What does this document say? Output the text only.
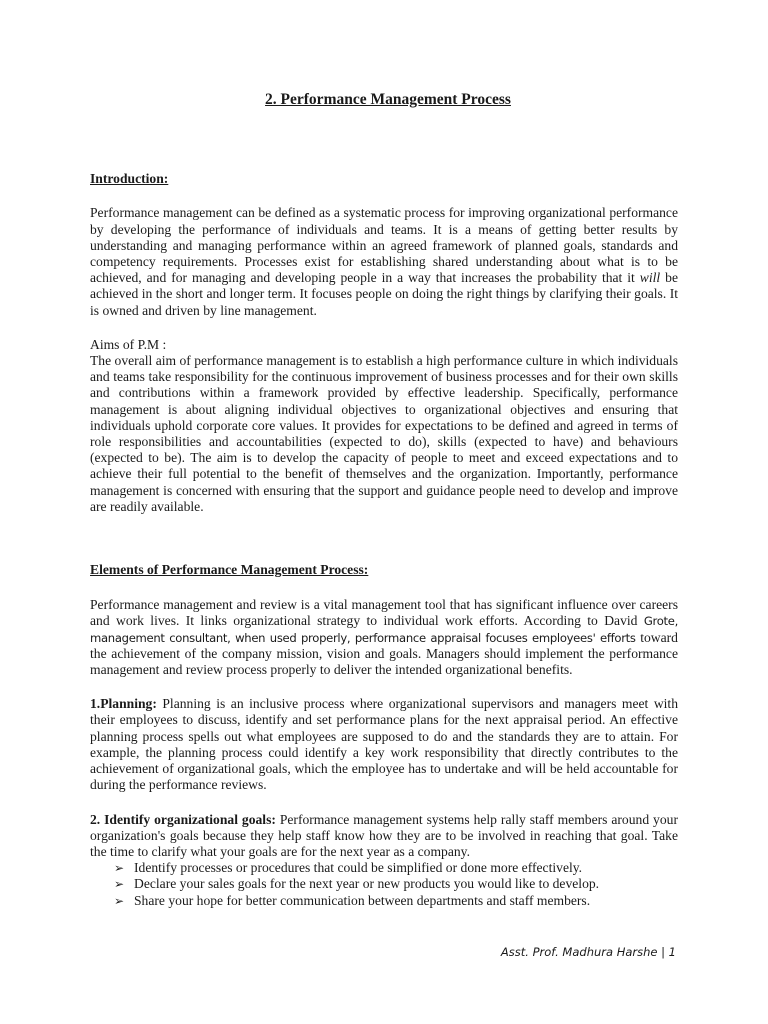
2. Performance Management Process
Introduction:

Performance management can be defined as a systematic process for improving organizational performance by developing the performance of individuals and teams. It is a means of getting better results by understanding and managing performance within an agreed framework of planned goals, standards and competency requirements. Processes exist for establishing shared understanding about what is to be achieved, and for managing and developing people in a way that increases the probability that it will be achieved in the short and longer term. It focuses people on doing the right things by clarifying their goals. It is owned and driven by line management.

Aims of P.M :

The overall aim of performance management is to establish a high performance culture in which individuals and teams take responsibility for the continuous improvement of business processes and for their own skills and contributions within a framework provided by effective leadership. Specifically, performance management is about aligning individual objectives to organizational objectives and ensuring that individuals uphold corporate core values. It provides for expectations to be defined and agreed in terms of role responsibilities and accountabilities (expected to do), skills (expected to have) and behaviours (expected to be). The aim is to develop the capacity of people to meet and exceed expectations and to achieve their full potential to the benefit of themselves and the organization. Importantly, performance management is concerned with ensuring that the support and guidance people need to develop and improve are readily available.

Elements of Performance Management Process:

Performance management and review is a vital management tool that has significant influence over careers and work lives. It links organizational strategy to individual work efforts. According to David Grote, management consultant, when used properly, performance appraisal focuses employees' efforts toward the achievement of the company mission, vision and goals. Managers should implement the performance management and review process properly to deliver the intended organizational benefits.

1.Planning: Planning is an inclusive process where organizational supervisors and managers meet with their employees to discuss, identify and set performance plans for the next appraisal period. An effective planning process spells out what employees are supposed to do and the standards they are to attain. For example, the planning process could identify a key work responsibility that directly contributes to the achievement of organizational goals, which the employee has to undertake and will be held accountable for during the performance reviews.

2. Identify organizational goals: Performance management systems help rally staff members around your organization's goals because they help staff know how they are to be involved in reaching that goal. Take the time to clarify what your goals are for the next year as a company.

➢ Identify processes or procedures that could be simplified or done more effectively.
➢ Declare your sales goals for the next year or new products you would like to develop.
➢ Share your hope for better communication between departments and staff members.
Asst. Prof. Madhura Harshe | 1
